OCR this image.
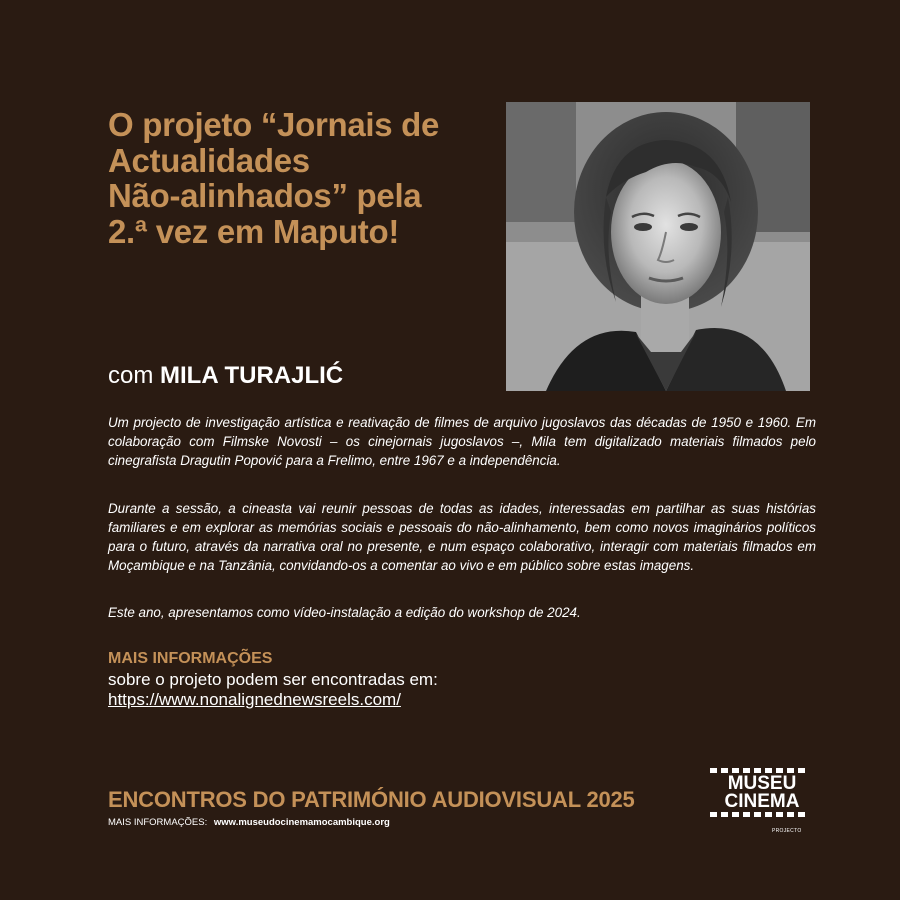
O projeto “Jornais de
Actualidades
Não-alinhados” pela
2.ª vez em Maputo!

com MILA TURAJLIĆ

Um projecto de investigação artística e reativação de filmes de arquivo jugoslavos das décadas de 1950 e 1960. Em colaboração com Filmske Novosti – os cinejornais jugoslavos –, Mila tem digitalizado materiais filmados pelo cinegrafista Dragutin Popović para a Frelimo, entre 1967 e a independência.

Durante a sessão, a cineasta vai reunir pessoas de todas as idades, interessadas em partilhar as suas histórias familiares e em explorar as memórias sociais e pessoais do não-alinhamento, bem como novos imaginários políticos para o futuro, através da narrativa oral no presente, e num espaço colaborativo, interagir com materiais filmados em Moçambique e na Tanzânia, convidando-os a comentar ao vivo e em público sobre estas imagens.

Este ano, apresentamos como vídeo-instalação a edição do workshop de 2024.

MAIS INFORMAÇÕES

sobre o projeto podem ser encontradas em:

https://www.nonalignednewsreels.com/

ENCONTROS DO PATRIMÓNIO AUDIOVISUAL 2025

MAIS INFORMAÇÕES: www.museudocinemamocambique.org

MUSEU
CINEMA
PROJECTO
